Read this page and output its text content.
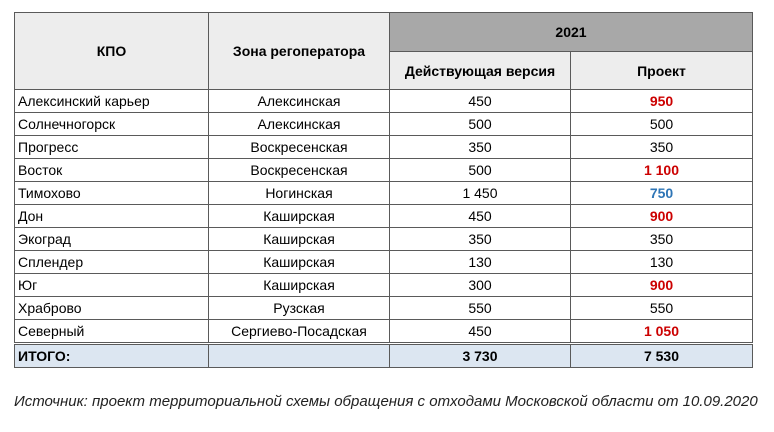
КПО	Зона регоператора	2021	
		Действующая версия	Проект
Алексинский карьер	Алексинская	450	950
Солнечногорск	Алексинская	500	500
Прогресс	Воскресенская	350	350
Восток	Воскресенская	500	1 100
Тимохово	Ногинская	1 450	750
Дон	Каширская	450	900
Экоград	Каширская	350	350
Сплендер	Каширская	130	130
Юг	Каширская	300	900
Храброво	Рузская	550	550
Северный	Сергиево-Посадская	450	1 050
ИТОГО:		3 730	7 530
Источник: проект территориальной схемы обращения с отходами Московской области от 10.09.2020
